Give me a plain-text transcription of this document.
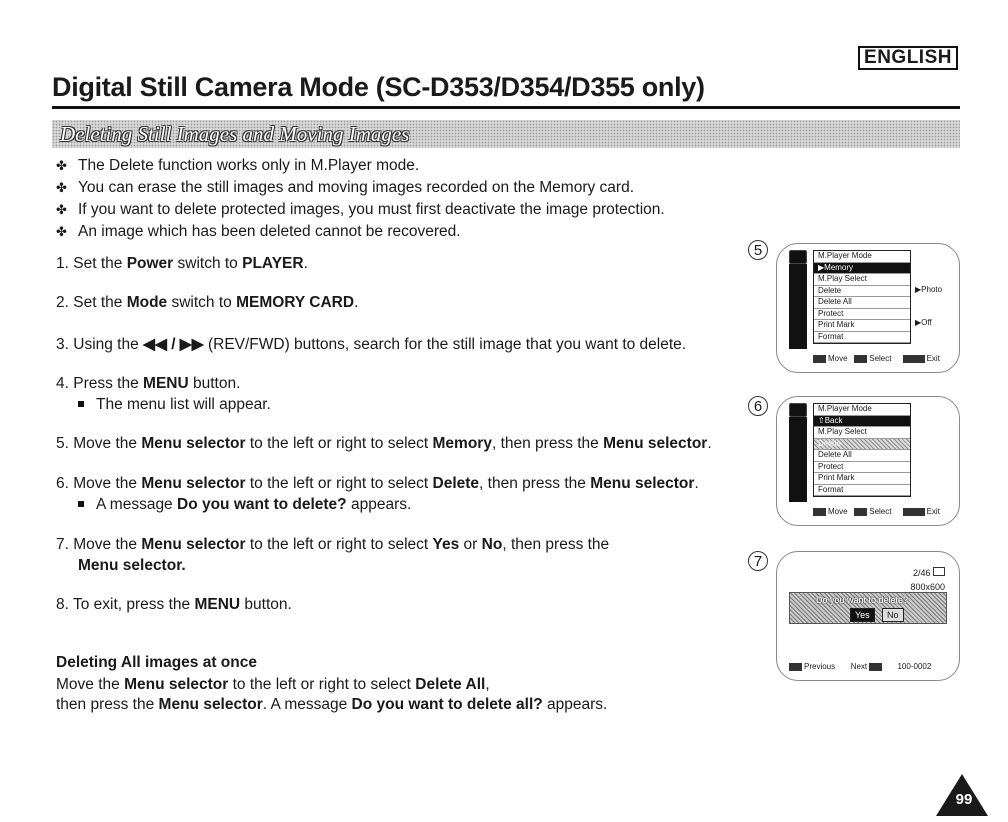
ENGLISH
Digital Still Camera Mode (SC-D353/D354/D355 only)
Deleting Still Images and Moving Images
✤ The Delete function works only in M.Player mode.
✤ You can erase the still images and moving images recorded on the Memory card.
✤ If you want to delete protected images, you must first deactivate the image protection.
✤ An image which has been deleted cannot be recovered.
1. Set the Power switch to PLAYER.
2. Set the Mode switch to MEMORY CARD.
3. Using the ◀◀ / ▶▶ (REV/FWD) buttons, search for the still image that you want to delete.
4. Press the MENU button.
The menu list will appear.
5. Move the Menu selector to the left or right to select Memory, then press the Menu selector.
6. Move the Menu selector to the left or right to select Delete, then press the Menu selector.
A message Do you want to delete? appears.
7. Move the Menu selector to the left or right to select Yes or No, then press the
Menu selector.
8. To exit, press the MENU button.
Deleting All images at once
Move the Menu selector to the left or right to select Delete All,
then press the Menu selector. A message Do you want to delete all? appears.
5	M.Player Mode
▶Memory
M.Play Select
Delete
Delete All
Protect
Print Mark
Format
▶Photo
▶Off
Move	Select	Exit
6	M.Player Mode
⇧Back
M.Play Select
Delete
Delete All
Protect
Print Mark
Format
Move	Select	Exit
7
2/46
800x600
Do you want to delete?
Yes	No
Previous Next	100-0002
99
